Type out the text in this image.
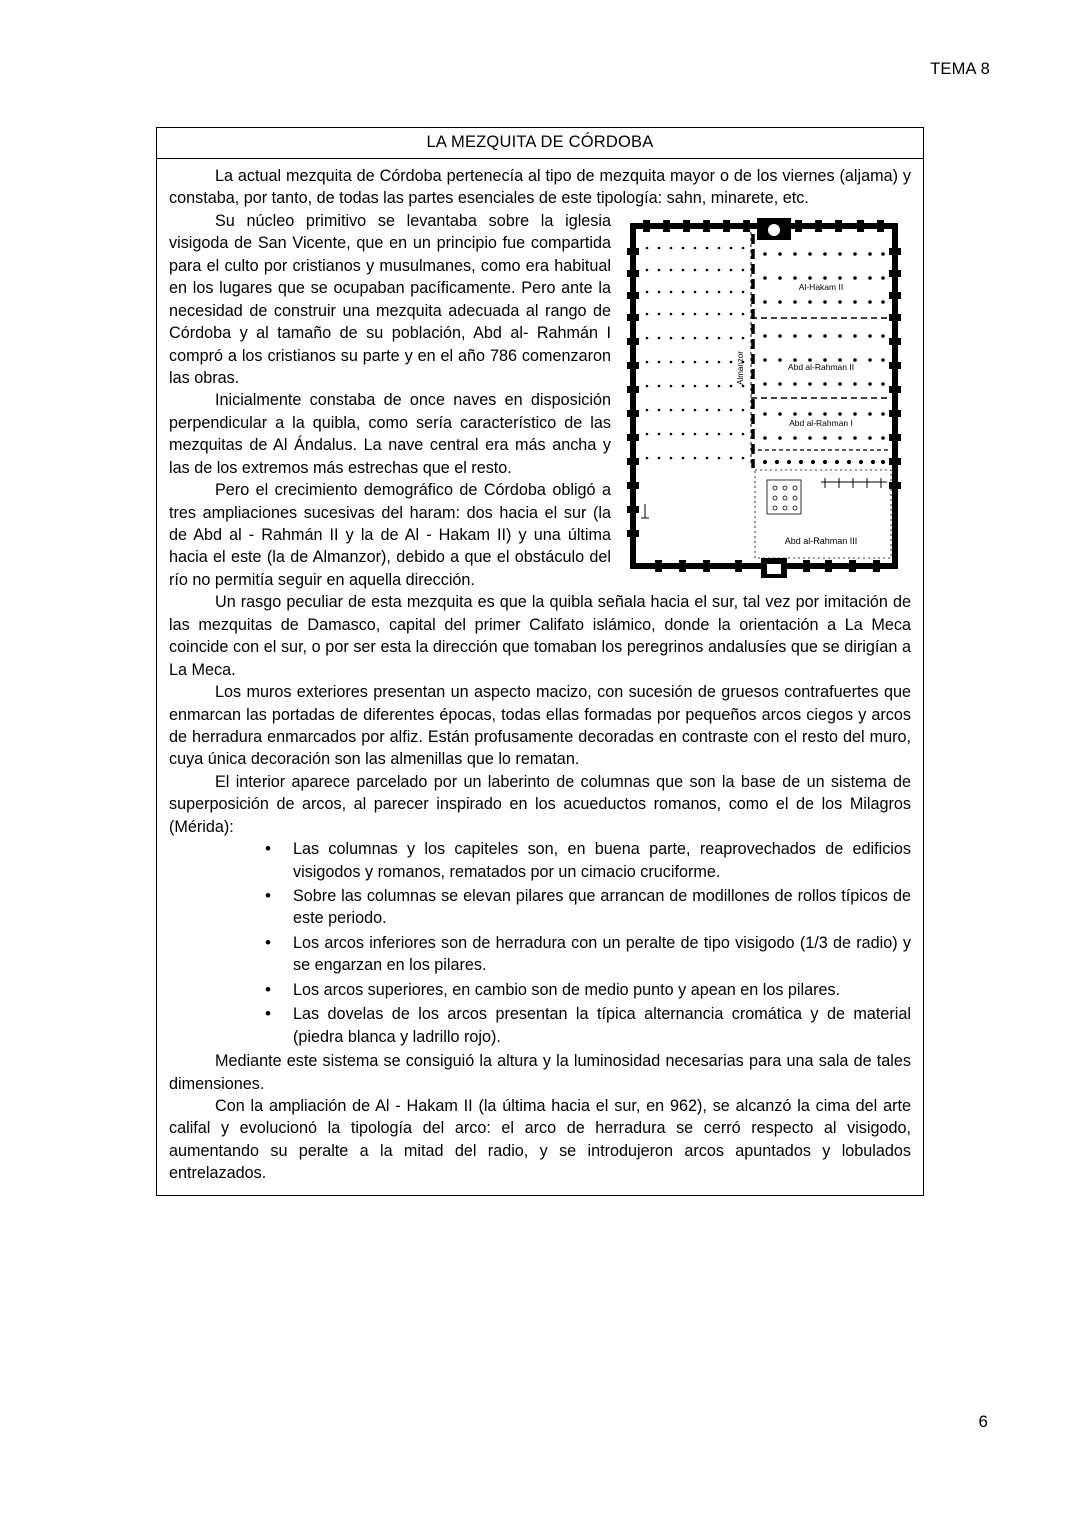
TEMA 8
LA MEZQUITA DE CÓRDOBA

La actual mezquita de Córdoba pertenecía al tipo de mezquita mayor o de los viernes (aljama) y constaba, por tanto, de todas las partes esenciales de este tipología: sahn, minarete, etc.

Al-Hakam II
Abd al-Rahman II
Abd al-Rahman I
Almanzor
Abd al-Rahman III

Su núcleo primitivo se levantaba sobre la iglesia visigoda de San Vicente, que en un principio fue compartida para el culto por cristianos y musulmanes, como era habitual en los lugares que se ocupaban pacíficamente. Pero ante la necesidad de construir una mezquita adecuada al rango de Córdoba y al tamaño de su población, Abd al- Rahmán I compró a los cristianos su parte y en el año 786 comenzaron las obras.

Inicialmente constaba de once naves en disposición perpendicular a la quibla, como sería característico de las mezquitas de Al Ándalus. La nave central era más ancha y las de los extremos más estrechas que el resto.

Pero el crecimiento demográfico de Córdoba obligó a tres ampliaciones sucesivas del haram: dos hacia el sur (la de Abd al - Rahmán II y la de Al - Hakam II) y una última hacia el este (la de Almanzor), debido a que el obstáculo del río no permitía seguir en aquella dirección.

Un rasgo peculiar de esta mezquita es que la quibla señala hacia el sur, tal vez por imitación de las mezquitas de Damasco, capital del primer Califato islámico, donde la orientación a La Meca coincide con el sur, o por ser esta la dirección que tomaban los peregrinos andalusíes que se dirigían a La Meca.

Los muros exteriores presentan un aspecto macizo, con sucesión de gruesos contrafuertes que enmarcan las portadas de diferentes épocas, todas ellas formadas por pequeños arcos ciegos y arcos de herradura enmarcados por alfiz. Están profusamente decoradas en contraste con el resto del muro, cuya única decoración son las almenillas que lo rematan.

El interior aparece parcelado por un laberinto de columnas que son la base de un sistema de superposición de arcos, al parecer inspirado en los acueductos romanos, como el de los Milagros (Mérida):

• Las columnas y los capiteles son, en buena parte, reaprovechados de edificios visigodos y romanos, rematados por un cimacio cruciforme.
• Sobre las columnas se elevan pilares que arrancan de modillones de rollos típicos de este periodo.
• Los arcos inferiores son de herradura con un peralte de tipo visigodo (1/3 de radio) y se engarzan en los pilares.
• Los arcos superiores, en cambio son de medio punto y apean en los pilares.
• Las dovelas de los arcos presentan la típica alternancia cromática y de material (piedra blanca y ladrillo rojo).

Mediante este sistema se consiguió la altura y la luminosidad necesarias para una sala de tales dimensiones.

Con la ampliación de Al - Hakam II (la última hacia el sur, en 962), se alcanzó la cima del arte califal y evolucionó la tipología del arco: el arco de herradura se cerró respecto al visigodo, aumentando su peralte a la mitad del radio, y se introdujeron arcos apuntados y lobulados entrelazados.

6
